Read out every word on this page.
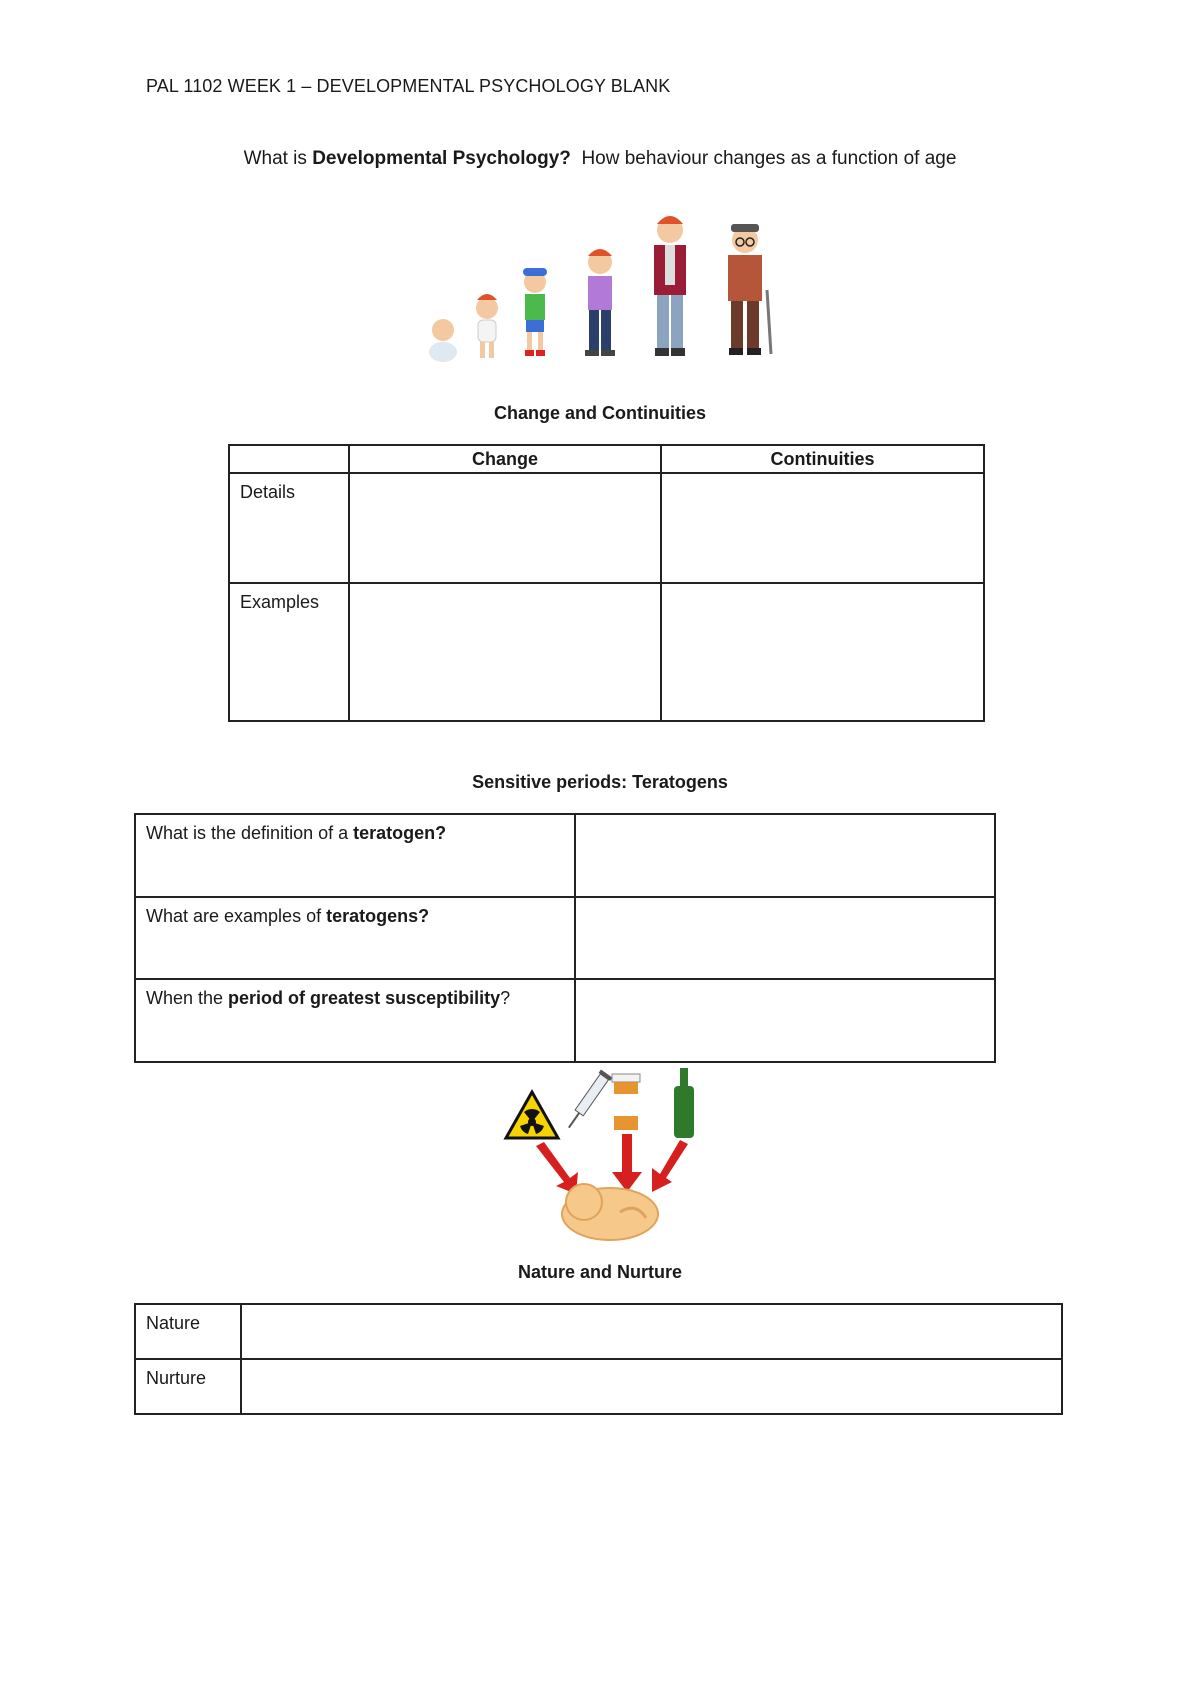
PAL 1102 WEEK 1 – DEVELOPMENTAL PSYCHOLOGY BLANK
What is Developmental Psychology? How behaviour changes as a function of age
Change and Continuities
	Change	Continuities

Details		

Examples		

Sensitive periods: Teratogens
What is the definition of a teratogen?	

What are examples of teratogens?	

When the period of greatest susceptibility?	

Nature and Nurture
Nature	

Nurture	
